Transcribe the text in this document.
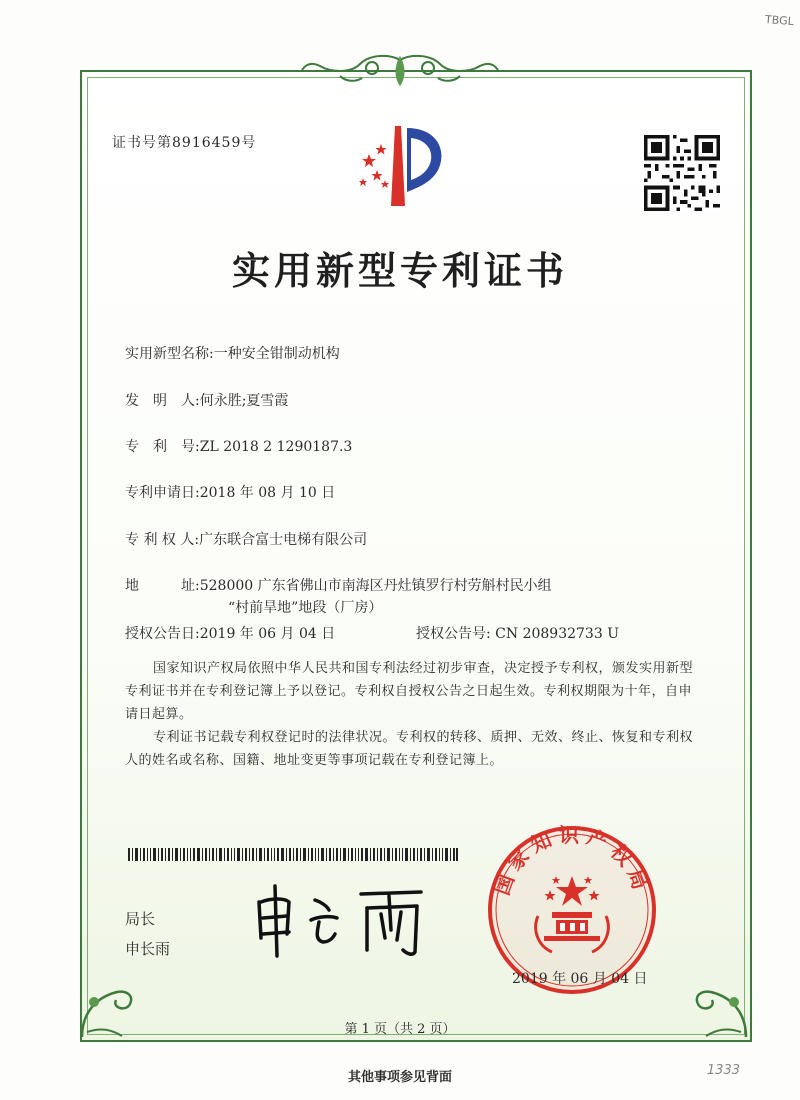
TBGL
证书号第8916459号
实用新型专利证书
实用新型名称:一种安全钳制动机构
发　明　人:何永胜;夏雪霞
专　利　号:ZL 2018 2 1290187.3
专利申请日:2018 年 08 月 10 日
专 利 权 人:广东联合富士电梯有限公司
地　　　址:528000 广东省佛山市南海区丹灶镇罗行村劳斛村民小组
“村前旱地”地段（厂房）
授权公告日:2019 年 06 月 04 日	授权公告号: CN 208932733 U
国家知识产权局依照中华人民共和国专利法经过初步审查，决定授予专利权，颁发实用新型专利证书并在专利登记簿上予以登记。专利权自授权公告之日起生效。专利权期限为十年，自申请日起算。
专利证书记载专利权登记时的法律状况。专利权的转移、质押、无效、终止、恢复和专利权人的姓名或名称、国籍、地址变更等事项记载在专利登记簿上。
局长
申长雨
国家知识产权局
2019 年 06 月 04 日
第 1 页（共 2 页）
其他事项参见背面	1333
